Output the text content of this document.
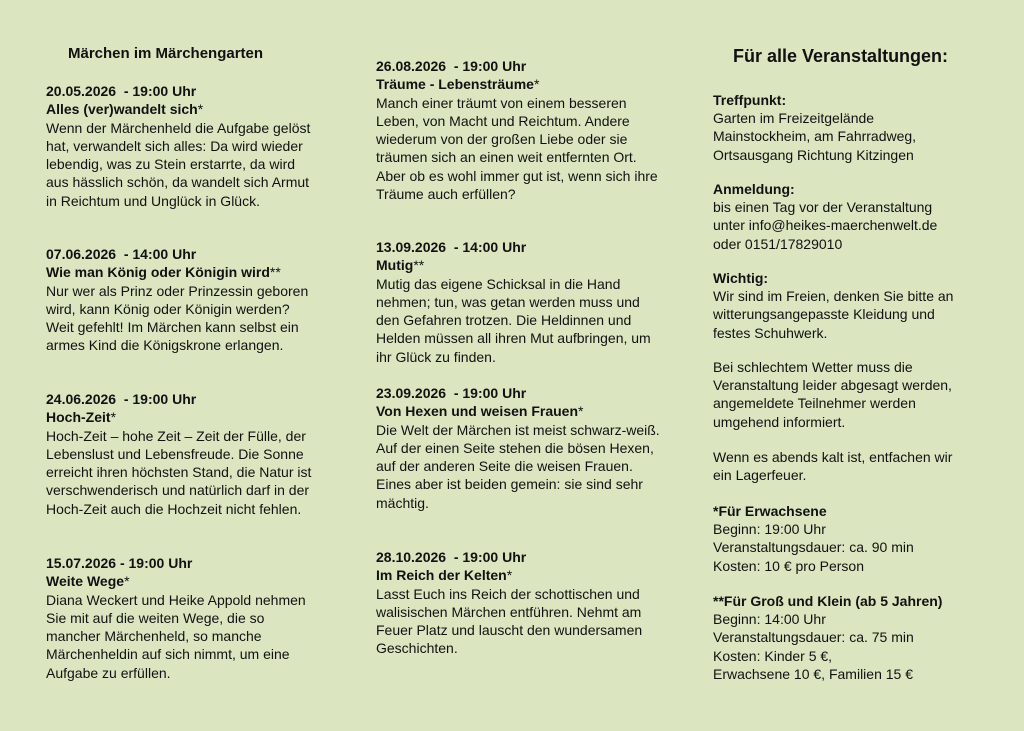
Märchen im Märchengarten
20.05.2026  - 19:00 Uhr
Alles (ver)wandelt sich*
Wenn der Märchenheld die Aufgabe gelöst hat, verwandelt sich alles: Da wird wieder lebendig, was zu Stein erstarrte, da wird aus hässlich schön, da wandelt sich Armut in Reichtum und Unglück in Glück.
07.06.2026  - 14:00 Uhr
Wie man König oder Königin wird**
Nur wer als Prinz oder Prinzessin geboren wird, kann König oder Königin werden? Weit gefehlt! Im Märchen kann selbst ein armes Kind die Königskrone erlangen.
24.06.2026  - 19:00 Uhr
Hoch-Zeit*
Hoch-Zeit – hohe Zeit – Zeit der Fülle, der Lebenslust und Lebensfreude. Die Sonne erreicht ihren höchsten Stand, die Natur ist verschwenderisch und natürlich darf in der Hoch-Zeit auch die Hochzeit nicht fehlen.
15.07.2026 - 19:00 Uhr
Weite Wege*
Diana Weckert und Heike Appold nehmen Sie mit auf die weiten Wege, die so mancher Märchenheld, so manche Märchenheldin auf sich nimmt, um eine Aufgabe zu erfüllen.
26.08.2026  - 19:00 Uhr
Träume - Lebensträume*
Manch einer träumt von einem besseren Leben, von Macht und Reichtum. Andere wiederum von der großen Liebe oder sie träumen sich an einen weit entfernten Ort. Aber ob es wohl immer gut ist, wenn sich ihre Träume auch erfüllen?
13.09.2026  - 14:00 Uhr
Mutig**
Mutig das eigene Schicksal in die Hand nehmen; tun, was getan werden muss und den Gefahren trotzen. Die Heldinnen und Helden müssen all ihren Mut aufbringen, um ihr Glück zu finden.
23.09.2026  - 19:00 Uhr
Von Hexen und weisen Frauen*
Die Welt der Märchen ist meist schwarz-weiß. Auf der einen Seite stehen die bösen Hexen, auf der anderen Seite die weisen Frauen. Eines aber ist beiden gemein: sie sind sehr mächtig.
28.10.2026  - 19:00 Uhr
Im Reich der Kelten*
Lasst Euch ins Reich der schottischen und walisischen Märchen entführen. Nehmt am Feuer Platz und lauscht den wundersamen Geschichten.
Für alle Veranstaltungen:
Treffpunkt:
Garten im Freizeitgelände
Mainstockheim, am Fahrradweg,
Ortsausgang Richtung Kitzingen
Anmeldung:
bis einen Tag vor der Veranstaltung
unter info@heikes-maerchenwelt.de
oder 0151/17829010
Wichtig:
Wir sind im Freien, denken Sie bitte an
witterungsangepasste Kleidung und
festes Schuhwerk.
Bei schlechtem Wetter muss die
Veranstaltung leider abgesagt werden,
angemeldete Teilnehmer werden
umgehend informiert.
Wenn es abends kalt ist, entfachen wir
ein Lagerfeuer.
*Für Erwachsene
Beginn: 19:00 Uhr
Veranstaltungsdauer: ca. 90 min
Kosten: 10 € pro Person
**Für Groß und Klein (ab 5 Jahren)
Beginn: 14:00 Uhr
Veranstaltungsdauer: ca. 75 min
Kosten: Kinder 5 €,
Erwachsene 10 €, Familien 15 €
